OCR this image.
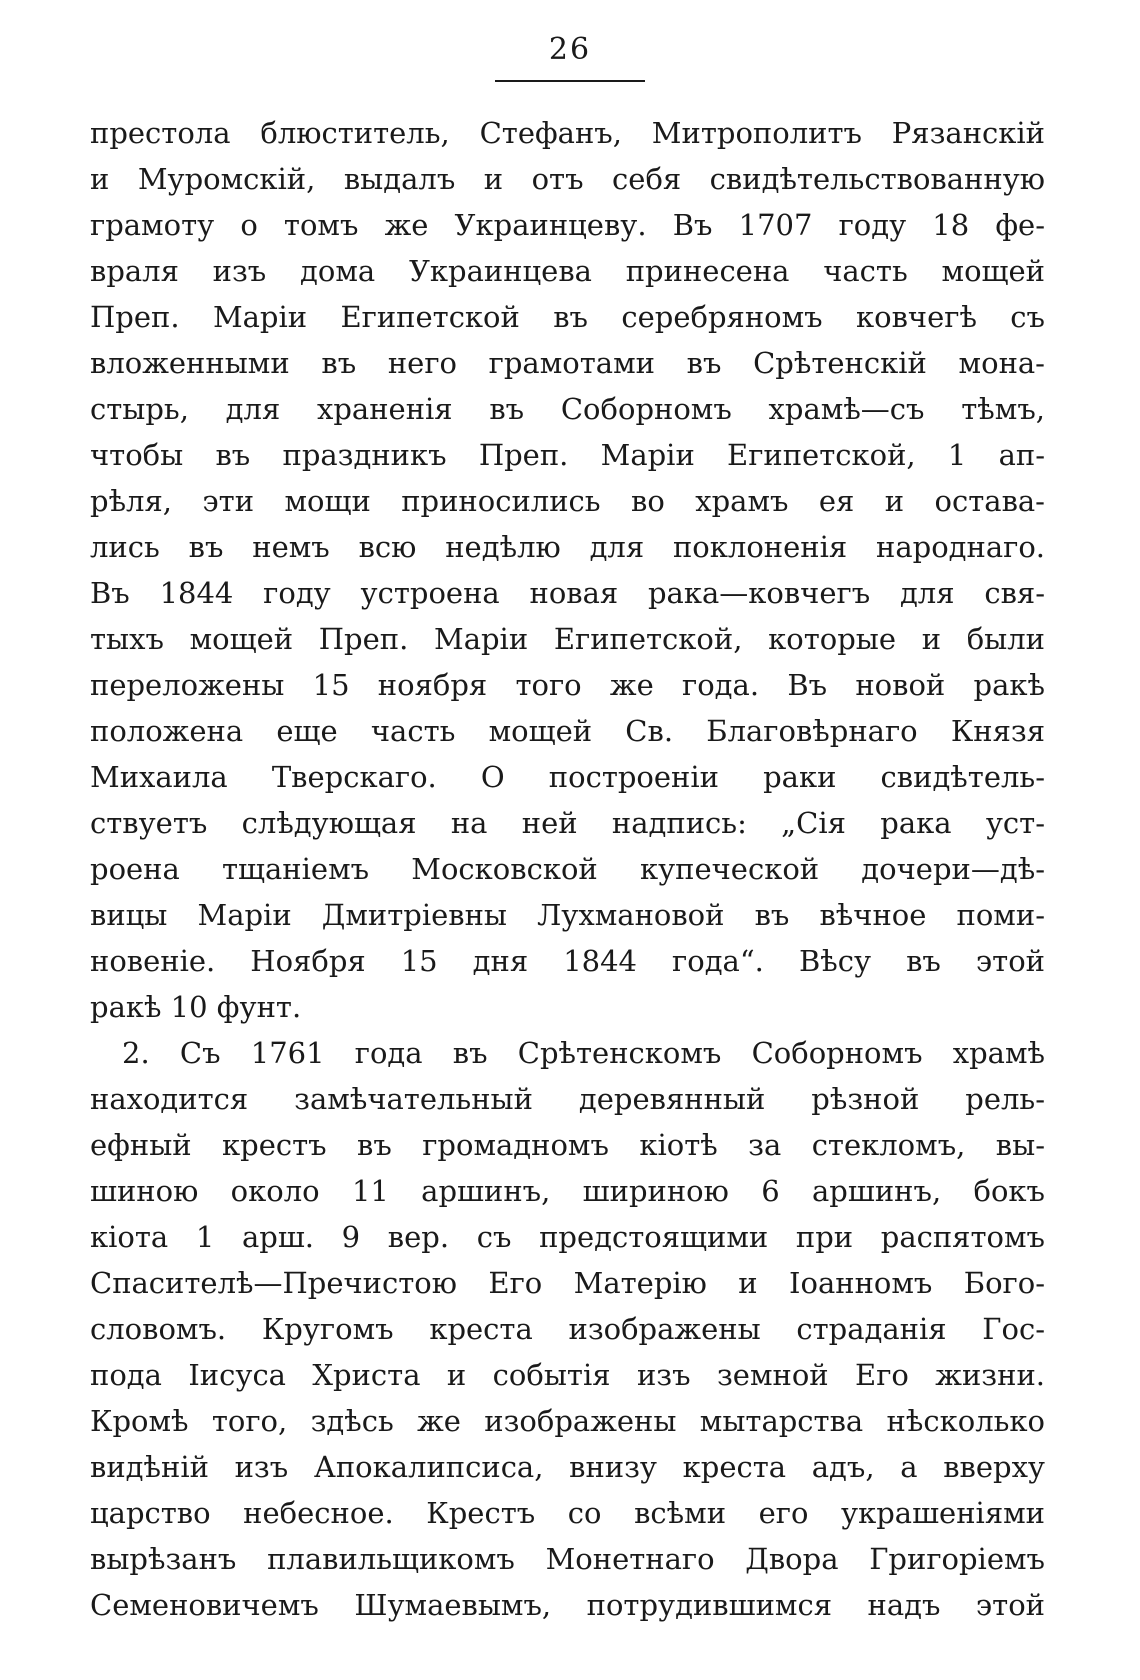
26
престола блюститель, Стефанъ, Митрополитъ Рязанскій
и Муромскій, выдалъ и отъ себя свидѣтельствованную
грамоту о томъ же Украинцеву. Въ 1707 году 18 фе-
враля изъ дома Украинцева принесена часть мощей
Преп. Маріи Египетской въ серебряномъ ковчегѣ съ
вложенными въ него грамотами въ Срѣтенскій мона-
стырь, для храненія въ Соборномъ храмѣ—съ тѣмъ,
чтобы въ праздникъ Преп. Маріи Египетской, 1 ап-
рѣля, эти мощи приносились во храмъ ея и остава-
лись въ немъ всю недѣлю для поклоненія народнаго.
Въ 1844 году устроена новая рака—ковчегъ для свя-
тыхъ мощей Преп. Маріи Египетской, которые и были
переложены 15 ноября того же года. Въ новой ракѣ
положена еще часть мощей Св. Благовѣрнаго Князя
Михаила Тверскаго. О построеніи раки свидѣтель-
ствуетъ слѣдующая на ней надпись: „Сія рака уст-
роена тщаніемъ Московской купеческой дочери—дѣ-
вицы Маріи Дмитріевны Лухмановой въ вѣчное поми-
новеніе. Ноября 15 дня 1844 года“. Вѣсу въ этой
ракѣ 10 фунт.
2. Съ 1761 года въ Срѣтенскомъ Соборномъ храмѣ
находится замѣчательный деревянный рѣзной рель-
ефный крестъ въ громадномъ кіотѣ за стекломъ, вы-
шиною около 11 аршинъ, шириною 6 аршинъ, бокъ
кіота 1 арш. 9 вер. съ предстоящими при распятомъ
Спасителѣ—Пречистою Его Матерію и Іоанномъ Бого-
словомъ. Кругомъ креста изображены страданія Гос-
пода Іисуса Христа и событія изъ земной Его жизни.
Кромѣ того, здѣсь же изображены мытарства нѣсколько
видѣній изъ Апокалипсиса, внизу креста адъ, а вверху
царство небесное. Крестъ со всѣми его украшеніями
вырѣзанъ плавильщикомъ Монетнаго Двора Григоріемъ
Семеновичемъ Шумаевымъ, потрудившимся надъ этой
